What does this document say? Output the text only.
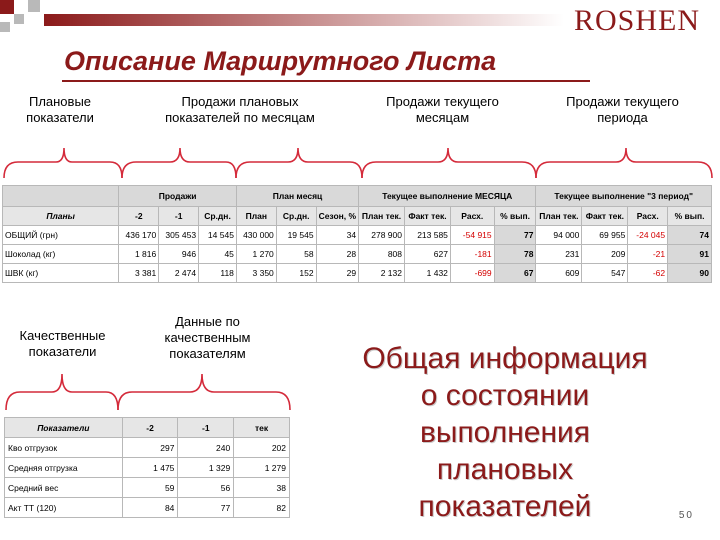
ROSHEN
Описание Маршрутного Листа
Плановые
показатели
Продажи плановых
показателей по месяцам
Продажи текущего
месяцам
Продажи текущего
периода
	Продажи			План месяц			Текущее выполнение МЕСЯЦА				Текущее выполнение "3 период"			
Планы	-2	-1	Ср.дн.	План	Ср.дн.	Сезон, %	План тек.	Факт тек.	Расх.	% вып.	План тек.	Факт тек.	Расх.	% вып.
ОБЩИЙ (грн)	436 170	305 453	14 545	430 000	19 545	34	278 900	213 585	-54 915	77	94 000	69 955	-24 045	74
Шоколад (кг)	1 816	946	45	1 270	58	28	808	627	-181	78	231	209	-21	91
ШВК (кг)	3 381	2 474	118	3 350	152	29	2 132	1 432	-699	67	609	547	-62	90
Качественные
показатели
Данные по
качественным
показателям
Показатели	-2	-1	тек
Кво отгрузок	297	240	202
Средняя отгрузка	1 475	1 329	1 279
Средний вес	59	56	38
Акт ТТ (120)	84	77	82
Общая информация
о состоянии
выполнения
плановых
показателей	50
